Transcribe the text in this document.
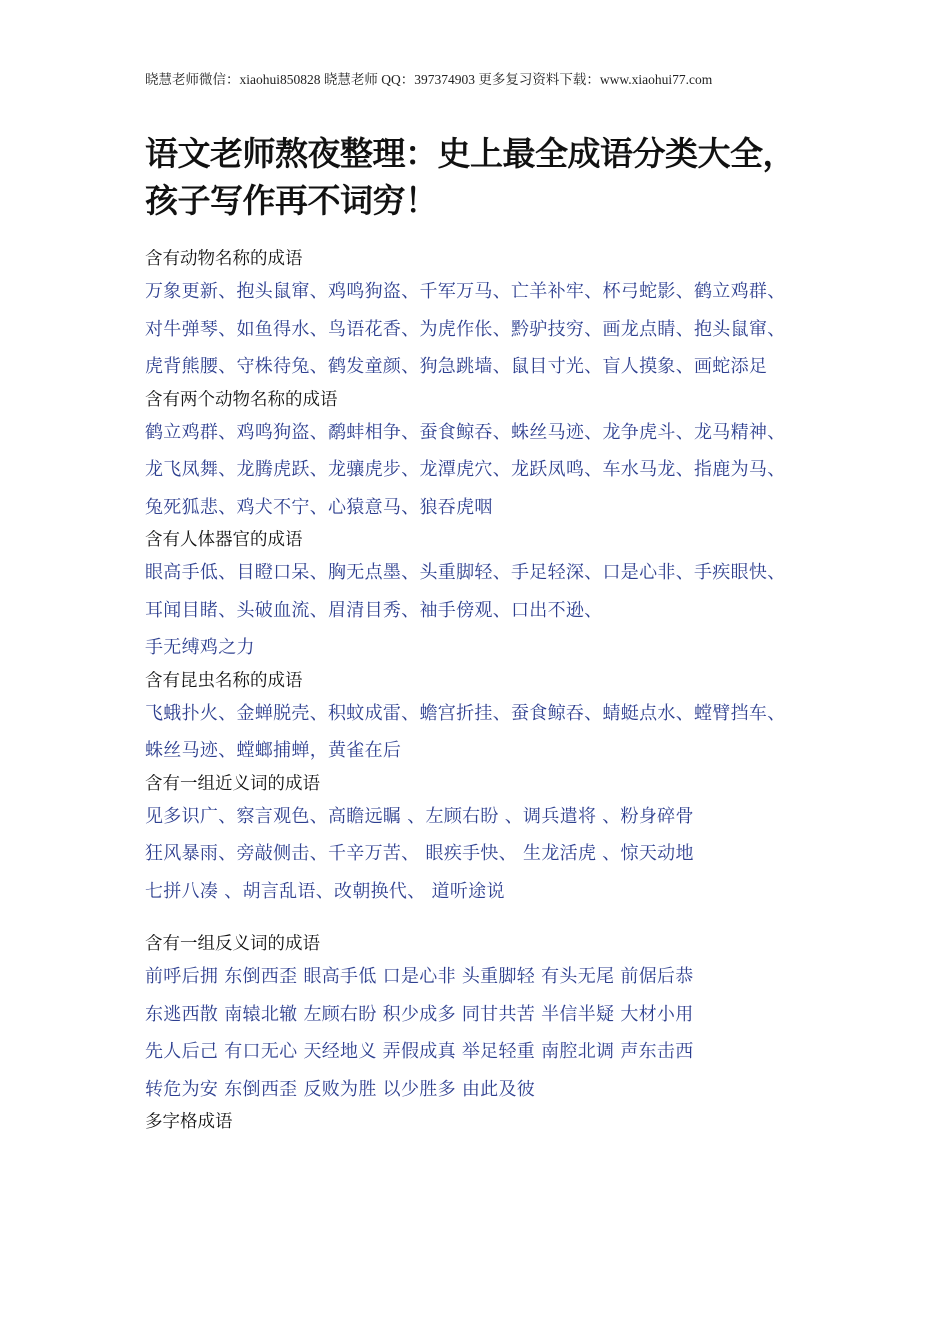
晓慧老师微信：xiaohui850828 晓慧老师 QQ：397374903 更多复习资料下载：www.xiaohui77.com
语文老师熬夜整理：史上最全成语分类大全，
孩子写作再不词穷！
含有动物名称的成语
万象更新、抱头鼠窜、鸡鸣狗盗、千军万马、亡羊补牢、杯弓蛇影、鹤立鸡群、
对牛弹琴、如鱼得水、鸟语花香、为虎作伥、黔驴技穷、画龙点睛、抱头鼠窜、
虎背熊腰、守株待兔、鹤发童颜、狗急跳墙、鼠目寸光、盲人摸象、画蛇添足
含有两个动物名称的成语
鹤立鸡群、鸡鸣狗盗、鹬蚌相争、蚕食鲸吞、蛛丝马迹、龙争虎斗、龙马精神、
龙飞凤舞、龙腾虎跃、龙骧虎步、龙潭虎穴、龙跃凤鸣、车水马龙、指鹿为马、
兔死狐悲、鸡犬不宁、心猿意马、狼吞虎咽
含有人体器官的成语
眼高手低、目瞪口呆、胸无点墨、头重脚轻、手足轻深、口是心非、手疾眼快、
耳闻目睹、头破血流、眉清目秀、袖手傍观、口出不逊、
手无缚鸡之力
含有昆虫名称的成语
飞蛾扑火、金蝉脱壳、积蚊成雷、蟾宫折挂、蚕食鲸吞、蜻蜓点水、螳臂挡车、
蛛丝马迹、螳螂捕蝉，黄雀在后
含有一组近义词的成语
见多识广、察言观色、高瞻远瞩 、左顾右盼 、调兵遣将 、粉身碎骨
狂风暴雨、旁敲侧击、千辛万苦、 眼疾手快、 生龙活虎 、惊天动地
七拼八凑 、胡言乱语、改朝换代、 道听途说
含有一组反义词的成语
前呼后拥 东倒西歪 眼高手低 口是心非 头重脚轻 有头无尾 前倨后恭
东逃西散 南辕北辙 左顾右盼 积少成多 同甘共苦 半信半疑 大材小用
先人后己 有口无心 天经地义 弄假成真 举足轻重 南腔北调 声东击西
转危为安 东倒西歪 反败为胜 以少胜多 由此及彼
多字格成语
